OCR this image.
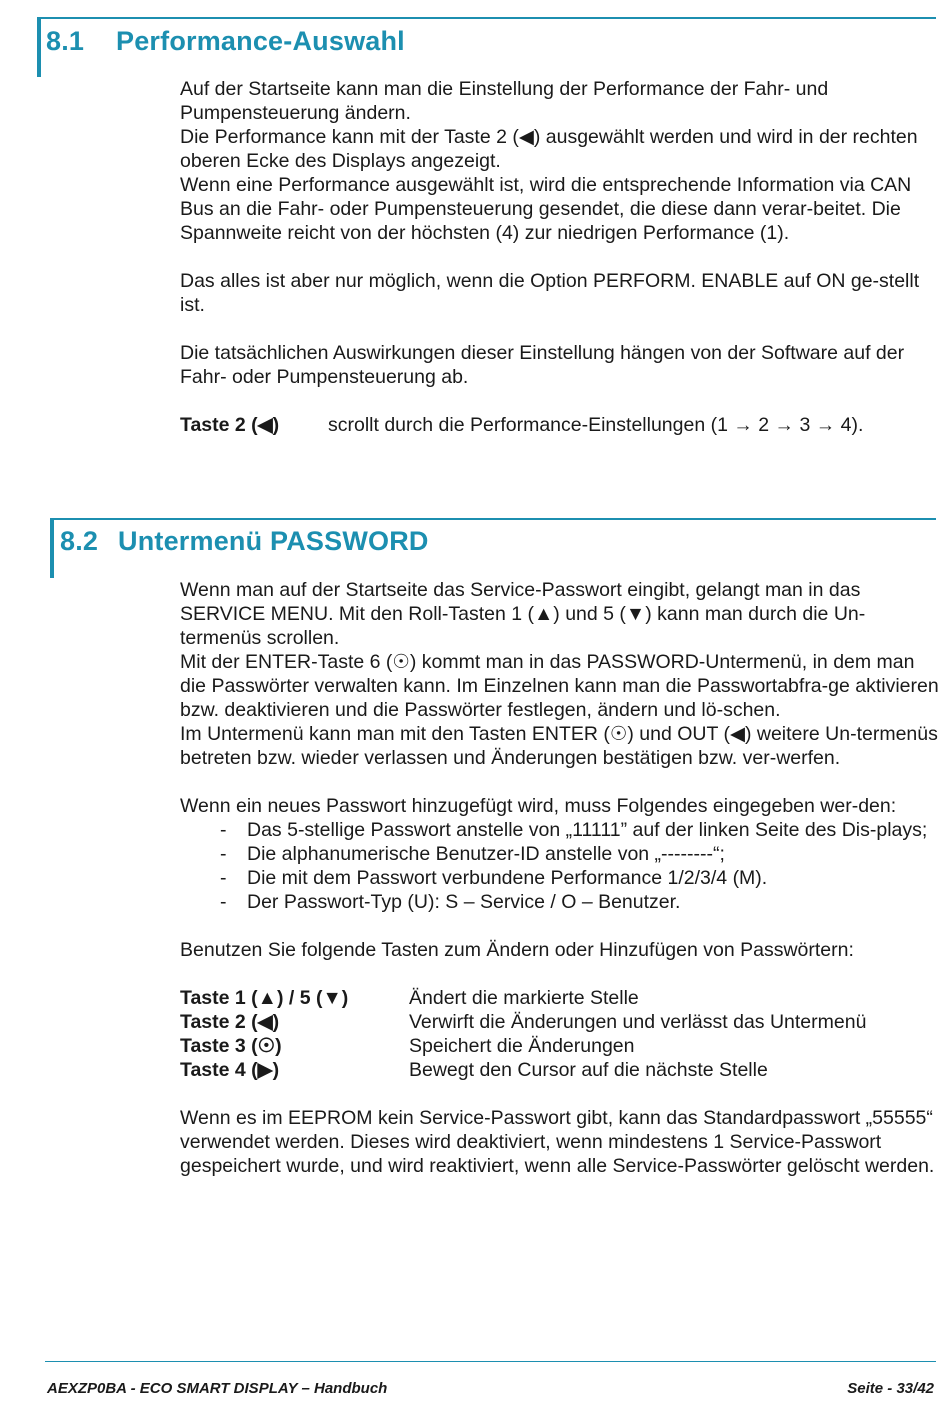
8.1 Performance-Auswahl

Auf der Startseite kann man die Einstellung der Performance der Fahr- und Pumpensteuerung ändern.

Die Performance kann mit der Taste 2 (◀) ausgewählt werden und wird in der rechten oberen Ecke des Displays angezeigt.

Wenn eine Performance ausgewählt ist, wird die entsprechende Information via CAN Bus an die Fahr- oder Pumpensteuerung gesendet, die diese dann verar-beitet. Die Spannweite reicht von der höchsten (4) zur niedrigen Performance (1).

Das alles ist aber nur möglich, wenn die Option PERFORM. ENABLE auf ON ge-stellt ist.

Die tatsächlichen Auswirkungen dieser Einstellung hängen von der Software auf der Fahr- oder Pumpensteuerung ab.

Taste 2 (◀)	scrollt durch die Performance-Einstellungen (1 → 2 → 3 → 4).
8.2 Untermenü PASSWORD

Wenn man auf der Startseite das Service-Passwort eingibt, gelangt man in das SERVICE MENU. Mit den Roll-Tasten 1 (▲) und 5 (▼) kann man durch die Un-termenüs scrollen.

Mit der ENTER-Taste 6 (☉) kommt man in das PASSWORD-Untermenü, in dem man die Passwörter verwalten kann. Im Einzelnen kann man die Passwortabfra-ge aktivieren bzw. deaktivieren und die Passwörter festlegen, ändern und lö-schen.

Im Untermenü kann man mit den Tasten ENTER (☉) und OUT (◀) weitere Un-termenüs betreten bzw. wieder verlassen und Änderungen bestätigen bzw. ver-werfen.

Wenn ein neues Passwort hinzugefügt wird, muss Folgendes eingegeben wer-den:

- Das 5-stellige Passwort anstelle von „11111” auf der linken Seite des Dis-plays;
- Die alphanumerische Benutzer-ID anstelle von „--------“;
- Die mit dem Passwort verbundene Performance 1/2/3/4 (M).
- Der Passwort-Typ (U): S – Service / O – Benutzer.

Benutzen Sie folgende Tasten zum Ändern oder Hinzufügen von Passwörtern:

Taste 1 (▲) / 5 (▼)	Ändert die markierte Stelle
Taste 2 (◀)	Verwirft die Änderungen und verlässt das Untermenü
Taste 3 (☉)	Speichert die Änderungen
Taste 4 (▶)	Bewegt den Cursor auf die nächste Stelle

Wenn es im EEPROM kein Service-Passwort gibt, kann das Standardpasswort „55555“ verwendet werden. Dieses wird deaktiviert, wenn mindestens 1 Service-Passwort gespeichert wurde, und wird reaktiviert, wenn alle Service-Passwörter gelöscht werden.

AEXZP0BA - ECO SMART DISPLAY – Handbuch	Seite - 33/42
